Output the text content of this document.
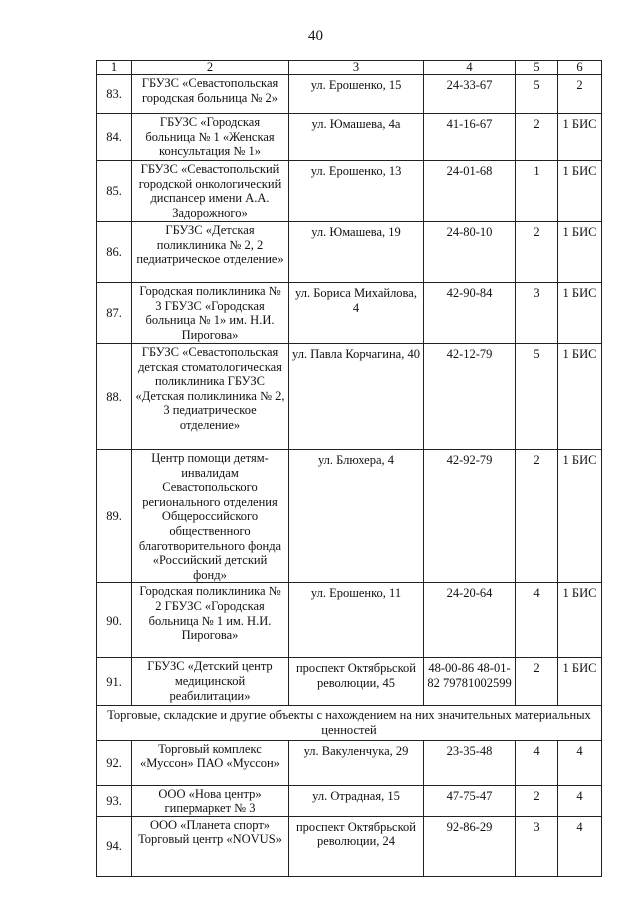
40
1	2	3	4	5	6
83.	ГБУЗС «Севастопольская городская больница № 2»	ул. Ерошенко, 15	24-33-67	5	2
84.	ГБУЗС «Городская больница № 1 «Женская консультация № 1»	ул. Юмашева, 4а	41-16-67	2	1 БИС
85.	ГБУЗС «Севастопольский городской онкологический диспансер имени А.А. Задорожного»	ул. Ерошенко, 13	24-01-68	1	1 БИС
86.	ГБУЗС «Детская поликлиника № 2, 2 педиатрическое отделение»	ул. Юмашева, 19	24-80-10	2	1 БИС
87.	Городская поликлиника № 3 ГБУЗС «Городская больница № 1» им. Н.И. Пирогова»	ул. Бориса Михайлова, 4	42-90-84	3	1 БИС
88.	ГБУЗС «Севастопольская детская стоматологическая поликлиника ГБУЗС «Детская поликлиника № 2, 3 педиатрическое отделение»	ул. Павла Корчагина, 40	42-12-79	5	1 БИС
89.	Центр помощи детям-инвалидам Севастопольского регионального отделения Общероссийского общественного благотворительного фонда «Российский детский фонд»	ул. Блюхера, 4	42-92-79	2	1 БИС
90.	Городская поликлиника № 2 ГБУЗС «Городская больница № 1 им. Н.И. Пирогова»	ул. Ерошенко, 11	24-20-64	4	1 БИС
91.	ГБУЗС «Детский центр медицинской реабилитации»	проспект Октябрьской революции, 45	48-00-86 48-01-82 79781002599	2	1 БИС
Торговые, складские и другие объекты с нахождением на них значительных материальных ценностей					
92.	Торговый комплекс «Муссон» ПАО «Муссон»	ул. Вакуленчука, 29	23-35-48	4	4
93.	ООО «Нова центр» гипермаркет № 3	ул. Отрадная, 15	47-75-47	2	4
94.	ООО «Планета спорт» Торговый центр «NOVUS»	проспект Октябрьской революции, 24	92-86-29	3	4
